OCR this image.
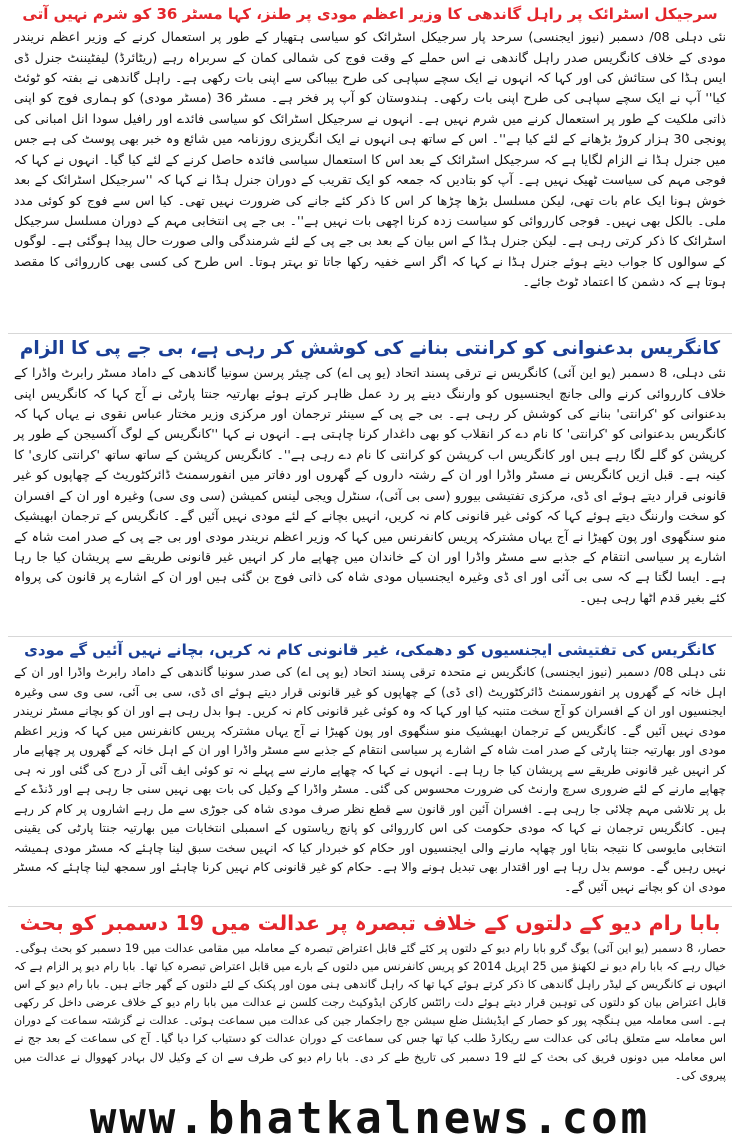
سرجیکل اسٹرائک پر راہل گاندھی کا وزیر اعظم مودی پر طنز، کہا مسٹر 36 کو شرم نہیں آتی

نئی دہلی 08/ دسمبر (نیوز ایجنسی) سرحد پار سرجیکل اسٹرائک کو سیاسی ہتھیار کے طور پر استعمال کرنے کے وزیر اعظم نریندر مودی کے خلاف کانگریس صدر راہل گاندھی نے اس حملے کے وقت فوج کی شمالی کمان کے سربراہ رہے (ریٹائرڈ) لیفٹیننٹ جنرل ڈی ایس ہڈا کی ستائش کی اور کہا کہ انہوں نے ایک سچے سپاہی کی طرح بیباکی سے اپنی بات رکھی ہے۔ راہل گاندھی نے بفتہ کو ٹوئٹ کیا'' آپ نے ایک سچے سپاہی کی طرح اپنی بات رکھی۔ ہندوستان کو آپ پر فخر ہے۔ مسٹر 36 (مسٹر مودی) کو ہماری فوج کو اپنی ذاتی ملکیت کے طور پر استعمال کرنے میں شرم نہیں ہے۔ انہوں نے سرجیکل اسٹرائک کو سیاسی فائدے اور رافیل سودا انل امبانی کی پونجی 30 ہزار کروڑ بڑھانے کے لئے کیا ہے''۔ اس کے ساتھ ہی انہوں نے ایک انگریزی روزنامہ میں شائع وہ خبر بھی پوسٹ کی ہے جس میں جنرل ہڈا نے الزام لگایا ہے کہ سرجیکل اسٹرائک کے بعد اس کا استعمال سیاسی فائدہ حاصل کرنے کے لئے کیا گیا۔ انہوں نے کہا کہ فوجی مہم کی سیاست ٹھیک نہیں ہے۔ آپ کو بتادیں کہ جمعہ کو ایک تقریب کے دوران جنرل ہڈا نے کہا کہ ''سرجیکل اسٹرائک کے بعد خوش ہونا ایک عام بات تھی، لیکن مسلسل بڑھا چڑھا کر اس کا ذکر کئے جانے کی ضرورت نہیں تھی۔ کیا اس سے فوج کو کوئی مدد ملی۔ بالکل بھی نہیں۔ فوجی کارروائی کو سیاست زدہ کرنا اچھی بات نہیں ہے''۔ بی جے پی انتخابی مہم کے دوران مسلسل سرجیکل اسٹرائک کا ذکر کرتی رہی ہے۔ لیکن جنرل ہڈا کے اس بیان کے بعد بی جے پی کے لئے شرمندگی والی صورت حال پیدا ہوگئی ہے۔ لوگوں کے سوالوں کا جواب دیتے ہوئے جنرل ہڈا نے کہا کہ اگر اسے خفیہ رکھا جاتا تو بہتر ہوتا۔ اس طرح کی کسی بھی کارروائی کا مقصد ہوتا ہے کہ دشمن کا اعتماد ٹوٹ جائے۔

کانگریس بدعنوانی کو کرانتی بنانے کی کوشش کر رہی ہے، بی جے پی کا الزام

نئی دہلی، 8 دسمبر (یو این آئی) کانگریس نے ترقی پسند اتحاد (یو پی اے) کی چیئر پرسن سونیا گاندھی کے داماد مسٹر رابرٹ واڈرا کے خلاف کارروائی کرنے والی جانچ ایجنسیوں کو وارننگ دینے پر رد عمل ظاہر کرتے ہوئے بھارتیہ جنتا پارٹی نے آج کہا کہ کانگریس اپنی بدعنوانی کو 'کرانتی' بنانے کی کوشش کر رہی ہے۔ بی جے پی کے سینئر ترجمان اور مرکزی وزیر مختار عباس نقوی نے یہاں کہا کہ کانگریس بدعنوانی کو 'کرانتی' کا نام دے کر انقلاب کو بھی داغدار کرنا چاہتی ہے۔ انہوں نے کہا ''کانگریس کے لوگ آکسیجن کے طور پر کرپشن کو گلے لگا رہے ہیں اور کانگریس اب کرپشن کو کرانتی کا نام دے رہی ہے''۔ کانگریس کرپشن کے ساتھ ساتھ 'کرانتی کاری' کا کینہ ہے۔ قبل ازیں کانگریس نے مسٹر واڈرا اور ان کے رشتہ داروں کے گھروں اور دفاتر میں انفورسمنٹ ڈائرکٹوریٹ کے چھاپوں کو غیر قانونی قرار دیتے ہوئے ای ڈی، مرکزی تفتیشی بیورو (سی بی آئی)، سنٹرل ویجی لینس کمیشن (سی وی سی) وغیرہ اور ان کے افسران کو سخت وارننگ دیتے ہوئے کہا کہ کوئی غیر قانونی کام نہ کریں، انہیں بچانے کے لئے مودی نہیں آئیں گے۔ کانگریس کے ترجمان ابھیشیک منو سنگھوی اور پون کھیڑا نے آج یہاں مشترکہ پریس کانفرنس میں کہا کہ وزیر اعظم نریندر مودی اور بی جے پی کے صدر امت شاہ کے اشارے پر سیاسی انتقام کے جذبے سے مسٹر واڈرا اور ان کے خاندان میں چھاپے مار کر انہیں غیر قانونی طریقے سے پریشان کیا جا رہا ہے۔ ایسا لگتا ہے کہ سی بی آئی اور ای ڈی وغیرہ ایجنسیاں مودی شاہ کی ذاتی فوج بن گئی ہیں اور ان کے اشارے پر قانون کی پرواہ کئے بغیر قدم اٹھا رہی ہیں۔

کانگریس کی تفتیشی ایجنسیوں کو دھمکی، غیر قانونی کام نہ کریں، بچانے نہیں آئیں گے مودی

نئی دہلی 08/ دسمبر (نیوز ایجنسی) کانگریس نے متحدہ ترقی پسند اتحاد (یو پی اے) کی صدر سونیا گاندھی کے داماد رابرٹ واڈرا اور ان کے اہل خانہ کے گھروں پر انفورسمنٹ ڈائرکٹوریٹ (ای ڈی) کے چھاپوں کو غیر قانونی قرار دیتے ہوئے ای ڈی، سی بی آئی، سی وی سی وغیرہ ایجنسیوں اور ان کے افسران کو آج سخت متنبہ کیا اور کہا کہ وہ کوئی غیر قانونی کام نہ کریں۔ ہوا بدل رہی ہے اور ان کو بچانے مسٹر نریندر مودی نہیں آئیں گے۔ کانگریس کے ترجمان ابھیشیک منو سنگھوی اور پون کھیڑا نے آج یہاں مشترکہ پریس کانفرنس میں کہا کہ وزیر اعظم مودی اور بھارتیہ جنتا پارٹی کے صدر امت شاہ کے اشارے پر سیاسی انتقام کے جذبے سے مسٹر واڈرا اور ان کے اہل خانہ کے گھروں پر چھاپے مار کر انہیں غیر قانونی طریقے سے پریشان کیا جا رہا ہے۔ انہوں نے کہا کہ چھاپے مارنے سے پہلے نہ تو کوئی ایف آئی آر درج کی گئی اور نہ ہی چھاپے مارنے کے لئے ضروری سرچ وارنٹ کی ضرورت محسوس کی گئی۔ مسٹر واڈرا کے وکیل کی بات بھی نہیں سنی جا رہی ہے اور ڈنڈے کے بل پر تلاشی مہم چلائی جا رہی ہے۔ افسران آئین اور قانون سے قطع نظر صرف مودی شاہ کی جوڑی سے مل رہے اشاروں پر کام کر رہے ہیں۔ کانگریس ترجمان نے کہا کہ مودی حکومت کی اس کارروائی کو پانچ ریاستوں کے اسمبلی انتخابات میں بھارتیہ جنتا پارٹی کی یقینی انتخابی مایوسی کا نتیجہ بتایا اور چھاپہ مارنے والی ایجنسیوں اور حکام کو خبردار کیا کہ انہیں سخت سبق لینا چاہئے کہ مسٹر مودی ہمیشہ نہیں رہیں گے۔ موسم بدل رہا ہے اور اقتدار بھی تبدیل ہونے والا ہے۔ حکام کو غیر قانونی کام نہیں کرنا چاہئے اور سمجھ لینا چاہئے کہ مسٹر مودی ان کو بچانے نہیں آئیں گے۔

بابا رام دیو کے دلتوں کے خلاف تبصرہ پر عدالت میں 19 دسمبر کو بحث

حصار، 8 دسمبر (یو این آئی) یوگ گرو بابا رام دیو کے دلتوں پر کئے گئے قابل اعتراض تبصرہ کے معاملہ میں مقامی عدالت میں 19 دسمبر کو بحث ہوگی۔ خیال رہے کہ بابا رام دیو نے لکھنؤ میں 25 اپریل 2014 کو پریس کانفرنس میں دلتوں کے بارے میں قابل اعتراض تبصرہ کیا تھا۔ بابا رام دیو پر الزام ہے کہ انہوں نے کانگریس کے لیڈر راہل گاندھی کا ذکر کرتے ہوئے کہا تھا کہ راہل گاندھی ہنی مون اور پکنک کے لئے دلتوں کے گھر جاتے ہیں۔ بابا رام دیو کے اس قابل اعتراض بیان کو دلتوں کی توہین قرار دیتے ہوئے دلت رائٹس کارکن ایڈوکیٹ رجت کلسن نے عدالت میں بابا رام دیو کے خلاف عرضی داخل کر رکھی ہے۔ اسی معاملہ میں ہنگچہ پور کو حصار کے ایڈیشنل ضلع سیشن جج راجکمار جین کی عدالت میں سماعت ہوئی۔ عدالت نے گزشتہ سماعت کے دوران اس معاملہ سے متعلق ہائی کی عدالت سے ریکارڈ طلب کیا تھا جس کی سماعت کے دوران عدالت کو دستیاب کرا دیا گیا۔ آج کی سماعت کے بعد جج نے اس معاملہ میں دونوں فریق کی بحث کے لئے 19 دسمبر کی تاریخ طے کر دی۔ بابا رام دیو کی طرف سے ان کے وکیل لال بہادر کھووال نے عدالت میں پیروی کی۔

www.bhatkalnews.com
